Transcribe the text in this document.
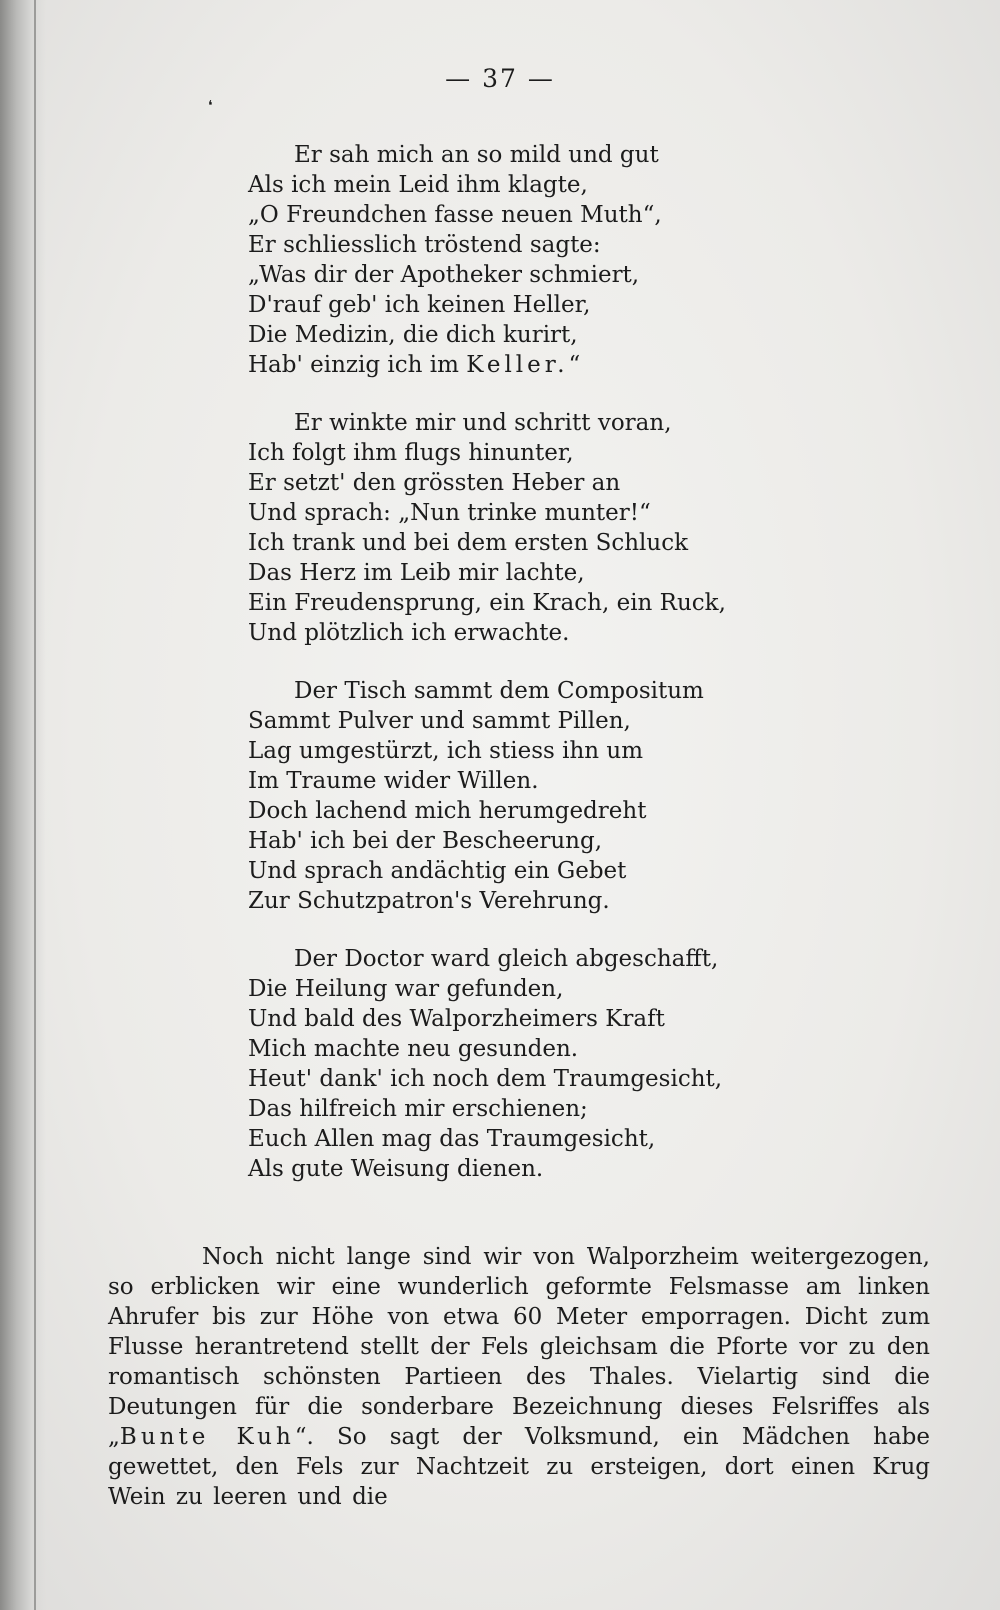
— 37 —
❛
Er sah mich an so mild und gut
Als ich mein Leid ihm klagte,
„O Freundchen fasse neuen Muth“,
Er schliesslich tröstend sagte:
„Was dir der Apotheker schmiert,
D'rauf geb' ich keinen Heller,
Die Medizin, die dich kurirt,
Hab' einzig ich im Keller.“
Er winkte mir und schritt voran,
Ich folgt ihm flugs hinunter,
Er setzt' den grössten Heber an
Und sprach: „Nun trinke munter!“
Ich trank und bei dem ersten Schluck
Das Herz im Leib mir lachte,
Ein Freudensprung, ein Krach, ein Ruck,
Und plötzlich ich erwachte.
Der Tisch sammt dem Compositum
Sammt Pulver und sammt Pillen,
Lag umgestürzt, ich stiess ihn um
Im Traume wider Willen.
Doch lachend mich herumgedreht
Hab' ich bei der Bescheerung,
Und sprach andächtig ein Gebet
Zur Schutzpatron's Verehrung.
Der Doctor ward gleich abgeschafft,
Die Heilung war gefunden,
Und bald des Walporzheimers Kraft
Mich machte neu gesunden.
Heut' dank' ich noch dem Traumgesicht,
Das hilfreich mir erschienen;
Euch Allen mag das Traumgesicht,
Als gute Weisung dienen.
Noch nicht lange sind wir von Walporzheim weitergezogen, so erblicken wir eine wunderlich geformte Felsmasse am linken Ahrufer bis zur Höhe von etwa 60 Meter emporragen. Dicht zum Flusse herantretend stellt der Fels gleichsam die Pforte vor zu den romantisch schönsten Partieen des Thales. Vielartig sind die Deutungen für die sonderbare Bezeichnung dieses Felsriffes als „Bunte Kuh“. So sagt der Volksmund, ein Mädchen habe gewettet, den Fels zur Nachtzeit zu ersteigen, dort einen Krug Wein zu leeren und die
